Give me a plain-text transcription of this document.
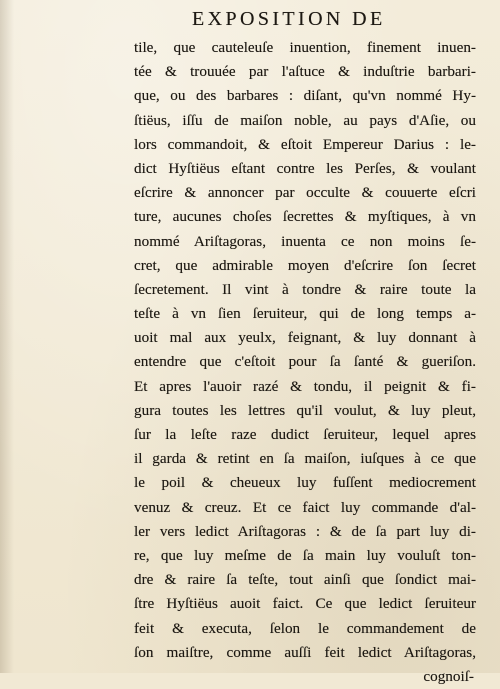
EXPOSITION DE
tile, que cauteleuſe inuention, finement inuen-
tée & trouuée par l'aſtuce & induſtrie barbari-
que, ou des barbares : diſant, qu'vn nommé Hy-
ſtiëus, iſſu de maiſon noble, au pays d'Aſie, ou
lors commandoit, & eſtoit Empereur Darius : le-
dict Hyſtiëus eſtant contre les Perſes, & voulant
eſcrire & annoncer par occulte & couuerte eſcri
ture, aucunes choſes ſecrettes & myſtiques, à vn
nommé Ariſtagoras, inuenta ce non moins ſe-
cret, que admirable moyen d'eſcrire ſon ſecret
ſecretement. Il vint à tondre & raire toute la
teſte à vn ſien ſeruiteur, qui de long temps a-
uoit mal aux yeulx, feignant, & luy donnant à
entendre que c'eſtoit pour ſa ſanté & gueriſon.
Et apres l'auoir razé & tondu, il peignit & fi-
gura toutes les lettres qu'il voulut, & luy pleut,
ſur la leſte raze dudict ſeruiteur, lequel apres
il garda & retint en ſa maiſon, iuſques à ce que
le poil & cheueux luy fuſſent mediocrement
venuz & creuz. Et ce faict luy commande d'al-
ler vers ledict Ariſtagoras : & de ſa part luy di-
re, que luy meſme de ſa main luy vouluſt ton-
dre & raire ſa teſte, tout ainſi que ſondict mai-
ſtre Hyſtiëus auoit faict. Ce que ledict ſeruiteur
feit & executa, ſelon le commandement de
ſon maiſtre, comme auſſi feit ledict Ariſtagoras,
cognoiſ-
